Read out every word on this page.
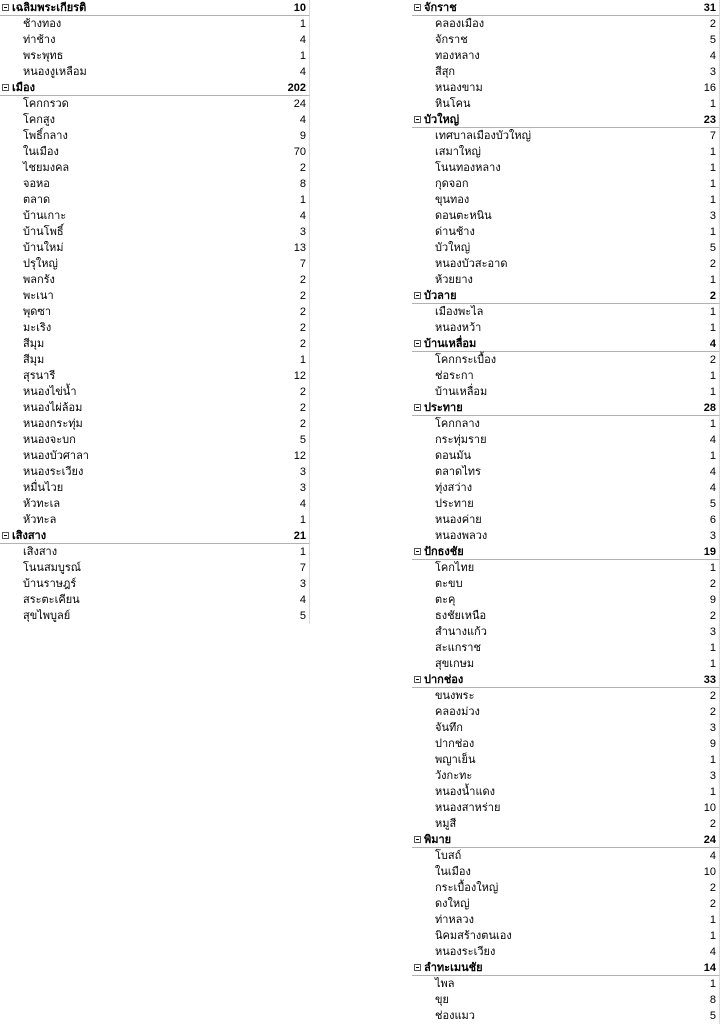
เฉลิมพระเกียรติ	10
ช้างทอง	1
ท่าช้าง	4
พระพุทธ	1
หนองงูเหลือม	4
เมือง	202
โคกกรวด	24
โคกสูง	4
โพธิ์กลาง	9
ในเมือง	70
ไชยมงคล	2
จอหอ	8
ตลาด	1
บ้านเกาะ	4
บ้านโพธิ์	3
บ้านใหม่	13
ปรุใหญ่	7
พลกรัง	2
พะเนา	2
พุดซา	2
มะเริง	2
สีมุม	2
สีมุม	1
สุรนารี	12
หนองไข่น้ำ	2
หนองไผ่ล้อม	2
หนองกระทุ่ม	2
หนองจะบก	5
หนองบัวศาลา	12
หนองระเวียง	3
หมื่นไวย	3
หัวทะเล	4
หัวทะล	1
เสิงสาง	21
เสิงสาง	1
โนนสมบูรณ์	7
บ้านราษฎร์	3
สระตะเคียน	4
สุขไพบูลย์	5
จักราช	31
คลองเมือง	2
จักราช	5
ทองหลาง	4
สีสุก	3
หนองขาม	16
หินโคน	1
บัวใหญ่	23
เทศบาลเมืองบัวใหญ่	7
เสมาใหญ่	1
โนนทองหลาง	1
กุดจอก	1
ขุนทอง	1
ดอนตะหนิน	3
ด่านช้าง	1
บัวใหญ่	5
หนองบัวสะอาด	2
ห้วยยาง	1
บัวลาย	2
เมืองพะไล	1
หนองหว้า	1
บ้านเหลื่อม	4
โคกกระเบื้อง	2
ช่อระกา	1
บ้านเหลื่อม	1
ประทาย	28
โคกกลาง	1
กระทุ่มราย	4
ดอนมัน	1
ตลาดไทร	4
ทุ่งสว่าง	4
ประทาย	5
หนองค่าย	6
หนองพลวง	3
ปักธงชัย	19
โคกไทย	1
ตะขบ	2
ตะคุ	9
ธงชัยเหนือ	2
สำนางแก้ว	3
สะแกราช	1
สุขเกษม	1
ปากช่อง	33
ขนงพระ	2
คลองม่วง	2
จันทึก	3
ปากช่อง	9
พญาเย็น	1
วังกะทะ	3
หนองน้ำแดง	1
หนองสาหร่าย	10
หมูสี	2
พิมาย	24
โบสถ์	4
ในเมือง	10
กระเบื้องใหญ่	2
ดงใหญ่	2
ท่าหลวง	1
นิคมสร้างตนเอง	1
หนองระเวียง	4
ลำทะเมนชัย	14
ไพล	1
ขุย	8
ช่องแมว	5
